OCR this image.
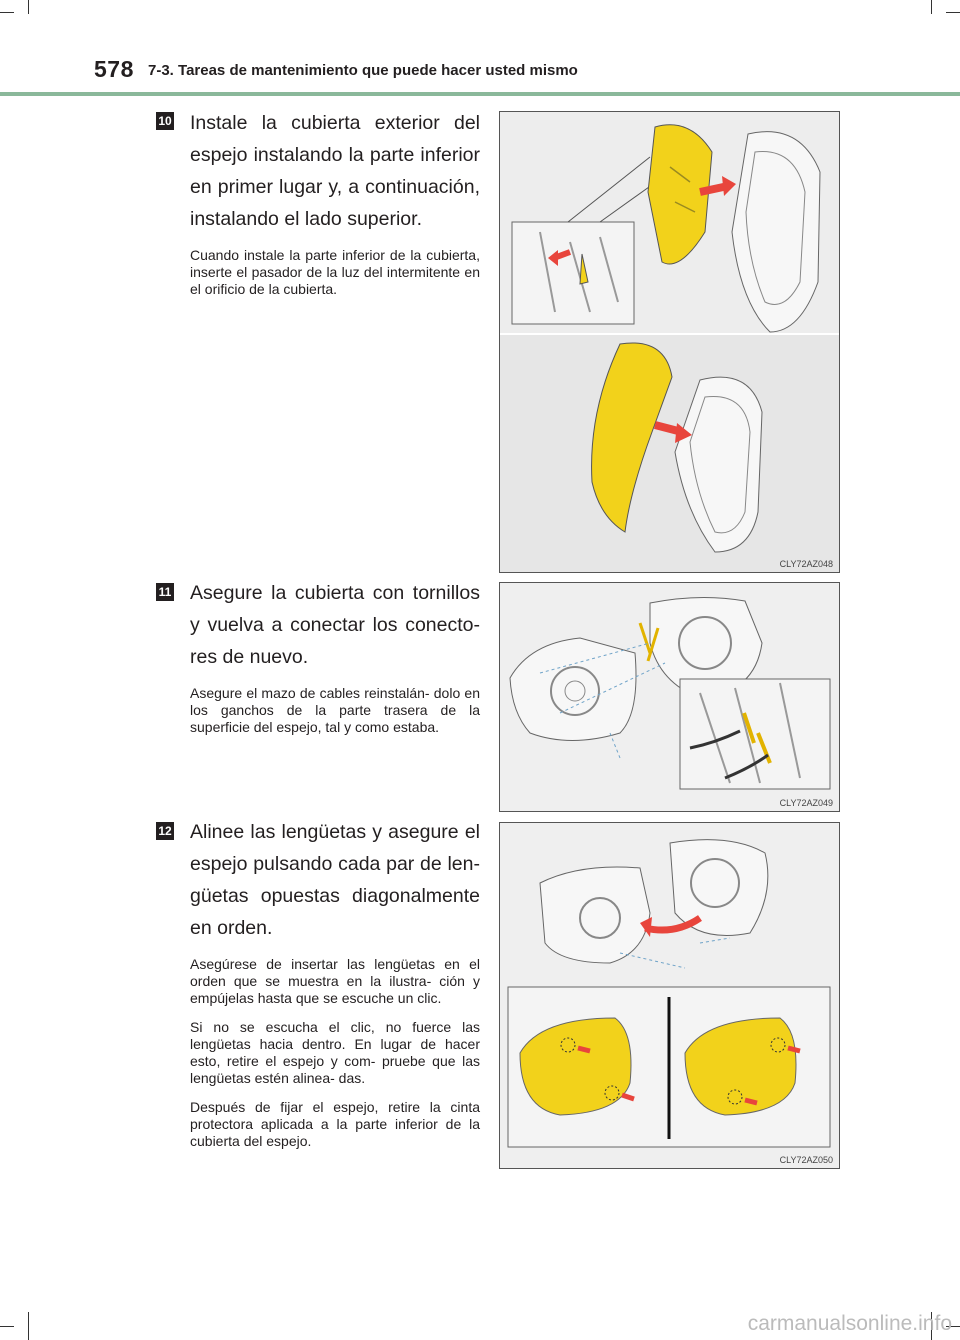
578 7-3. Tareas de mantenimiento que puede hacer usted mismo
10 Instale la cubierta exterior del espejo instalando la parte inferior en primer lugar y, a continuación, instalando el lado superior.

Cuando instale la parte inferior de la cubierta, inserte el pasador de la luz del intermitente en el orificio de la cubierta.

CLY72AZ048
11 Asegure la cubierta con tornillos y vuelva a conectar los conecto- res de nuevo.

Asegure el mazo de cables reinstalán- dolo en los ganchos de la parte trasera de la superficie del espejo, tal y como estaba.

CLY72AZ049
12 Alinee las lengüetas y asegure el espejo pulsando cada par de len- güetas opuestas diagonalmente en orden.

Asegúrese de insertar las lengüetas en el orden que se muestra en la ilustra- ción y empújelas hasta que se escuche un clic.

Si no se escucha el clic, no fuerce las lengüetas hacia dentro. En lugar de hacer esto, retire el espejo y com- pruebe que las lengüetas estén alinea- das.

Después de fijar el espejo, retire la cinta protectora aplicada a la parte inferior de la cubierta del espejo.

CLY72AZ050
carmanualsonline.info
